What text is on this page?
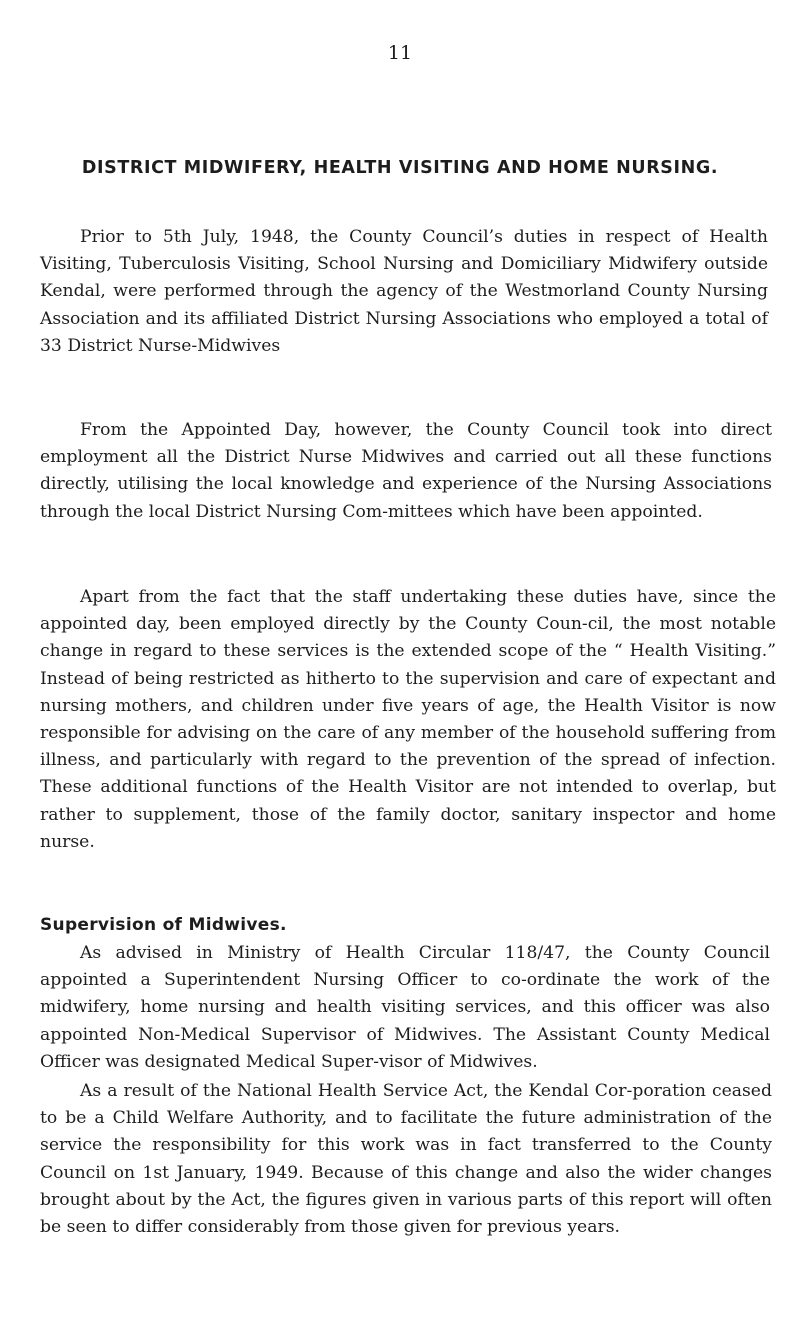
11
DISTRICT MIDWIFERY, HEALTH VISITING AND HOME NURSING.

Prior to 5th July, 1948, the County Council’s duties in respect of Health Visiting, Tuberculosis Visiting, School Nursing and Domiciliary Midwifery outside Kendal, were performed through the agency of the Westmorland County Nursing Association and its affiliated District Nursing Associations who employed a total of 33 District Nurse-Midwives

From the Appointed Day, however, the County Council took into direct employment all the District Nurse Midwives and carried out all these functions directly, utilising the local knowledge and experience of the Nursing Associations through the local District Nursing Com-mittees which have been appointed.

Apart from the fact that the staff undertaking these duties have, since the appointed day, been employed directly by the County Coun-cil, the most notable change in regard to these services is the extended scope of the “ Health Visiting.” Instead of being restricted as hitherto to the supervision and care of expectant and nursing mothers, and children under five years of age, the Health Visitor is now responsible for advising on the care of any member of the household suffering from illness, and particularly with regard to the prevention of the spread of infection. These additional functions of the Health Visitor are not intended to overlap, but rather to supplement, those of the family doctor, sanitary inspector and home nurse.

Supervision of Midwives.

As advised in Ministry of Health Circular 118/47, the County Council appointed a Superintendent Nursing Officer to co-ordinate the work of the midwifery, home nursing and health visiting services, and this officer was also appointed Non-Medical Supervisor of Midwives. The Assistant County Medical Officer was designated Medical Super-visor of Midwives.

As a result of the National Health Service Act, the Kendal Cor-poration ceased to be a Child Welfare Authority, and to facilitate the future administration of the service the responsibility for this work was in fact transferred to the County Council on 1st January, 1949. Because of this change and also the wider changes brought about by the Act, the figures given in various parts of this report will often be seen to differ considerably from those given for previous years.
